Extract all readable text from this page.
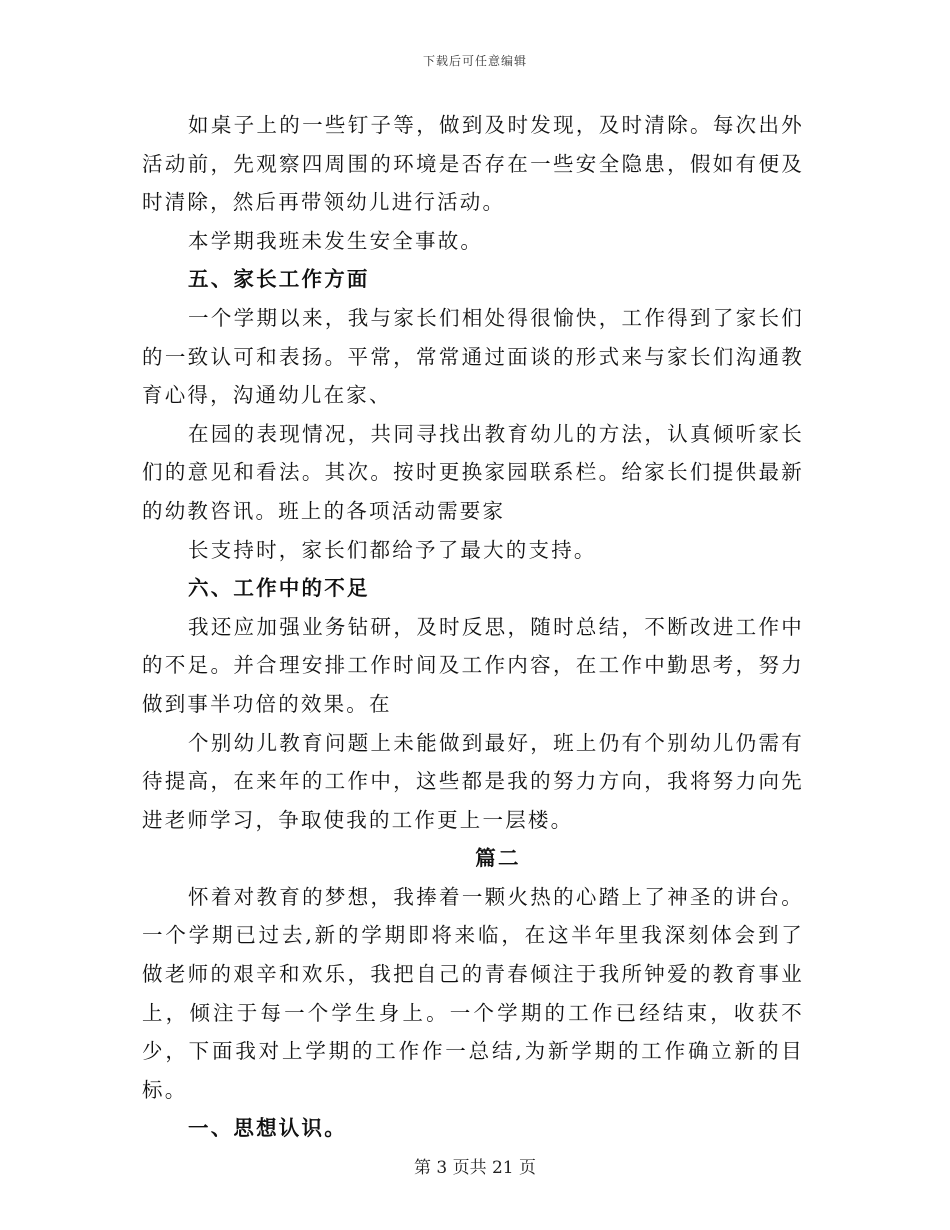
下载后可任意编辑

如桌子上的一些钉子等，做到及时发现，及时清除。每次出外活动前，先观察四周围的环境是否存在一些安全隐患，假如有便及时清除，然后再带领幼儿进行活动。

本学期我班未发生安全事故。

五、家长工作方面

一个学期以来，我与家长们相处得很愉快，工作得到了家长们的一致认可和表扬。平常，常常通过面谈的形式来与家长们沟通教育心得，沟通幼儿在家、

在园的表现情况，共同寻找出教育幼儿的方法，认真倾听家长们的意见和看法。其次。按时更换家园联系栏。给家长们提供最新的幼教咨讯。班上的各项活动需要家

长支持时，家长们都给予了最大的支持。

六、工作中的不足

我还应加强业务钻研，及时反思，随时总结，不断改进工作中的不足。并合理安排工作时间及工作内容，在工作中勤思考，努力做到事半功倍的效果。在

个别幼儿教育问题上未能做到最好，班上仍有个别幼儿仍需有待提高，在来年的工作中，这些都是我的努力方向，我将努力向先进老师学习，争取使我的工作更上一层楼。

篇二

怀着对教育的梦想，我捧着一颗火热的心踏上了神圣的讲台。一个学期已过去,新的学期即将来临，在这半年里我深刻体会到了做老师的艰辛和欢乐，我把自己的青春倾注于我所钟爱的教育事业上，倾注于每一个学生身上。一个学期的工作已经结束，收获不少，下面我对上学期的工作作一总结,为新学期的工作确立新的目标。

一、思想认识。

第 3 页共 21 页
